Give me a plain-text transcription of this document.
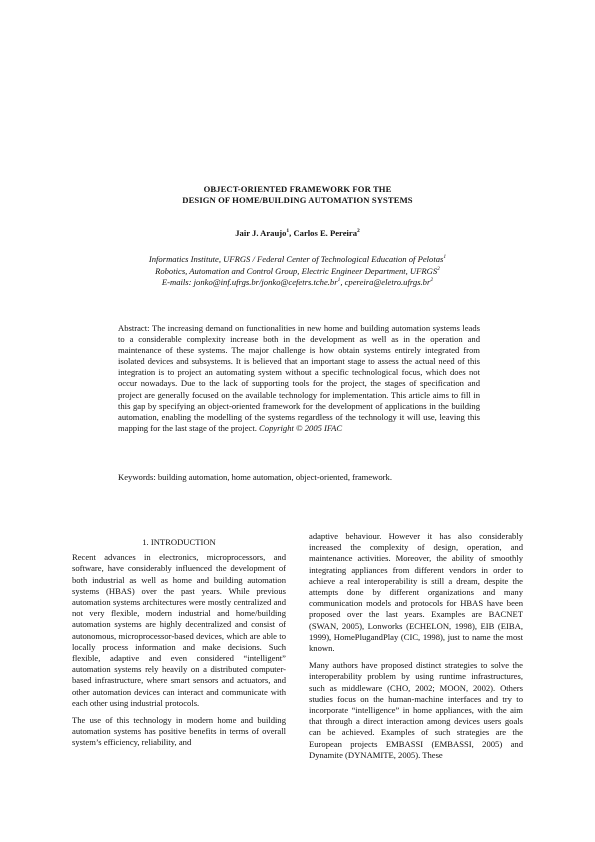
OBJECT-ORIENTED FRAMEWORK FOR THE
DESIGN OF HOME/BUILDING AUTOMATION SYSTEMS
Jair J. Araujo$^1$, Carlos E. Pereira$^2$
Informatics Institute, UFRGS / Federal Center of Technological Education of Pelotas$^1$
Robotics, Automation and Control Group, Electric Engineer Department, UFRGS$^2$
E-mails: $jonko@inf.ufrgs.br/jonko@cefetrs.tche.br^1$, $cpereira@eletro.ufrgs.br^2$
Abstract: The increasing demand on functionalities in new home and building automation systems leads to a considerable complexity increase both in the development as well as in the operation and maintenance of these systems. The major challenge is how obtain systems entirely integrated from isolated devices and subsystems. It is believed that an important stage to assess the actual need of this integration is to project an automating system without a specific technological focus, which does not occur nowadays. Due to the lack of supporting tools for the project, the stages of specification and project are generally focused on the available technology for implementation. This article aims to fill in this gap by specifying an object-oriented framework for the development of applications in the building automation, enabling the modelling of the systems regardless of the technology it will use, leaving this mapping for the last stage of the project. Copyright © 2005 IFAC
Keywords: building automation, home automation, object-oriented, framework.
1. INTRODUCTION

Recent advances in electronics, microprocessors, and software, have considerably influenced the development of both industrial as well as home and building automation systems (HBAS) over the past years. While previous automation systems architectures were mostly centralized and not very flexible, modern industrial and home/building automation systems are highly decentralized and consist of autonomous, microprocessor-based devices, which are able to locally process information and make decisions. Such flexible, adaptive and even considered “intelligent” automation systems rely heavily on a distributed computer-based infrastructure, where smart sensors and actuators, and other automation devices can interact and communicate with each other using industrial protocols.

The use of this technology in modern home and building automation systems has positive benefits in terms of overall system’s efficiency, reliability, and

adaptive behaviour. However it has also considerably increased the complexity of design, operation, and maintenance activities. Moreover, the ability of smoothly integrating appliances from different vendors in order to achieve a real interoperability is still a dream, despite the attempts done by different organizations and many communication models and protocols for HBAS have been proposed over the last years. Examples are BACNET (SWAN, 2005), Lonworks (ECHELON, 1998), EIB (EIBA, 1999), HomePlugandPlay (CIC, 1998), just to name the most known.

Many authors have proposed distinct strategies to solve the interoperability problem by using runtime infrastructures, such as middleware (CHO, 2002; MOON, 2002). Others studies focus on the human-machine interfaces and try to incorporate “intelligence” in home appliances, with the aim that through a direct interaction among devices users goals can be achieved. Examples of such strategies are the European projects EMBASSI (EMBASSI, 2005) and Dynamite (DYNAMITE, 2005). These
